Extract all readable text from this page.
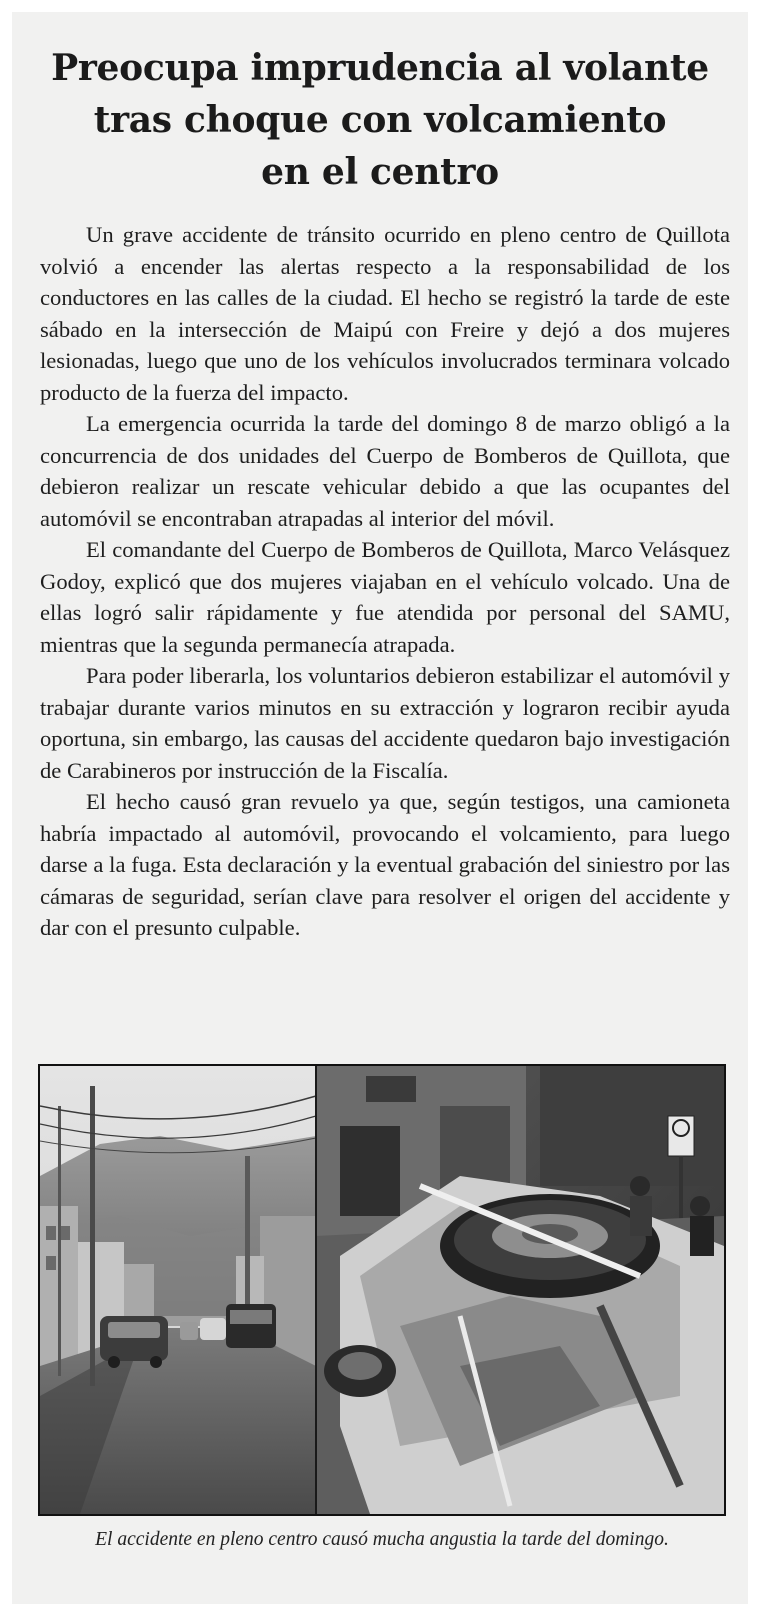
Preocupa imprudencia al volante
tras choque con volcamiento
en el centro

Un grave accidente de tránsito ocurrido en pleno centro de Quillota volvió a encender las alertas respecto a la responsabilidad de los conductores en las calles de la ciudad. El hecho se registró la tarde de este sábado en la intersección de Maipú con Freire y dejó a dos mujeres lesionadas, luego que uno de los vehículos involucrados terminara volcado producto de la fuerza del impacto.

La emergencia ocurrida la tarde del domingo 8 de marzo obligó a la concurrencia de dos unidades del Cuerpo de Bomberos de Quillota, que debieron realizar un rescate vehicular debido a que las ocupantes del automóvil se encontraban atrapadas al interior del móvil.

El comandante del Cuerpo de Bomberos de Quillota, Marco Velásquez Godoy, explicó que dos mujeres viajaban en el vehículo volcado. Una de ellas logró salir rápidamente y fue atendida por personal del SAMU, mientras que la segunda permanecía atrapada.

Para poder liberarla, los voluntarios debieron estabilizar el automóvil y trabajar durante varios minutos en su extracción y lograron recibir ayuda oportuna, sin embargo, las causas del accidente quedaron bajo investigación de Carabineros por instrucción de la Fiscalía.

El hecho causó gran revuelo ya que, según testigos, una camioneta habría impactado al automóvil, provocando el volcamiento, para luego darse a la fuga. Esta declaración y la eventual grabación del siniestro por las cámaras de seguridad, serían clave para resolver el origen del accidente y dar con el presunto culpable.

El accidente en pleno centro causó mucha angustia la tarde del domingo.
